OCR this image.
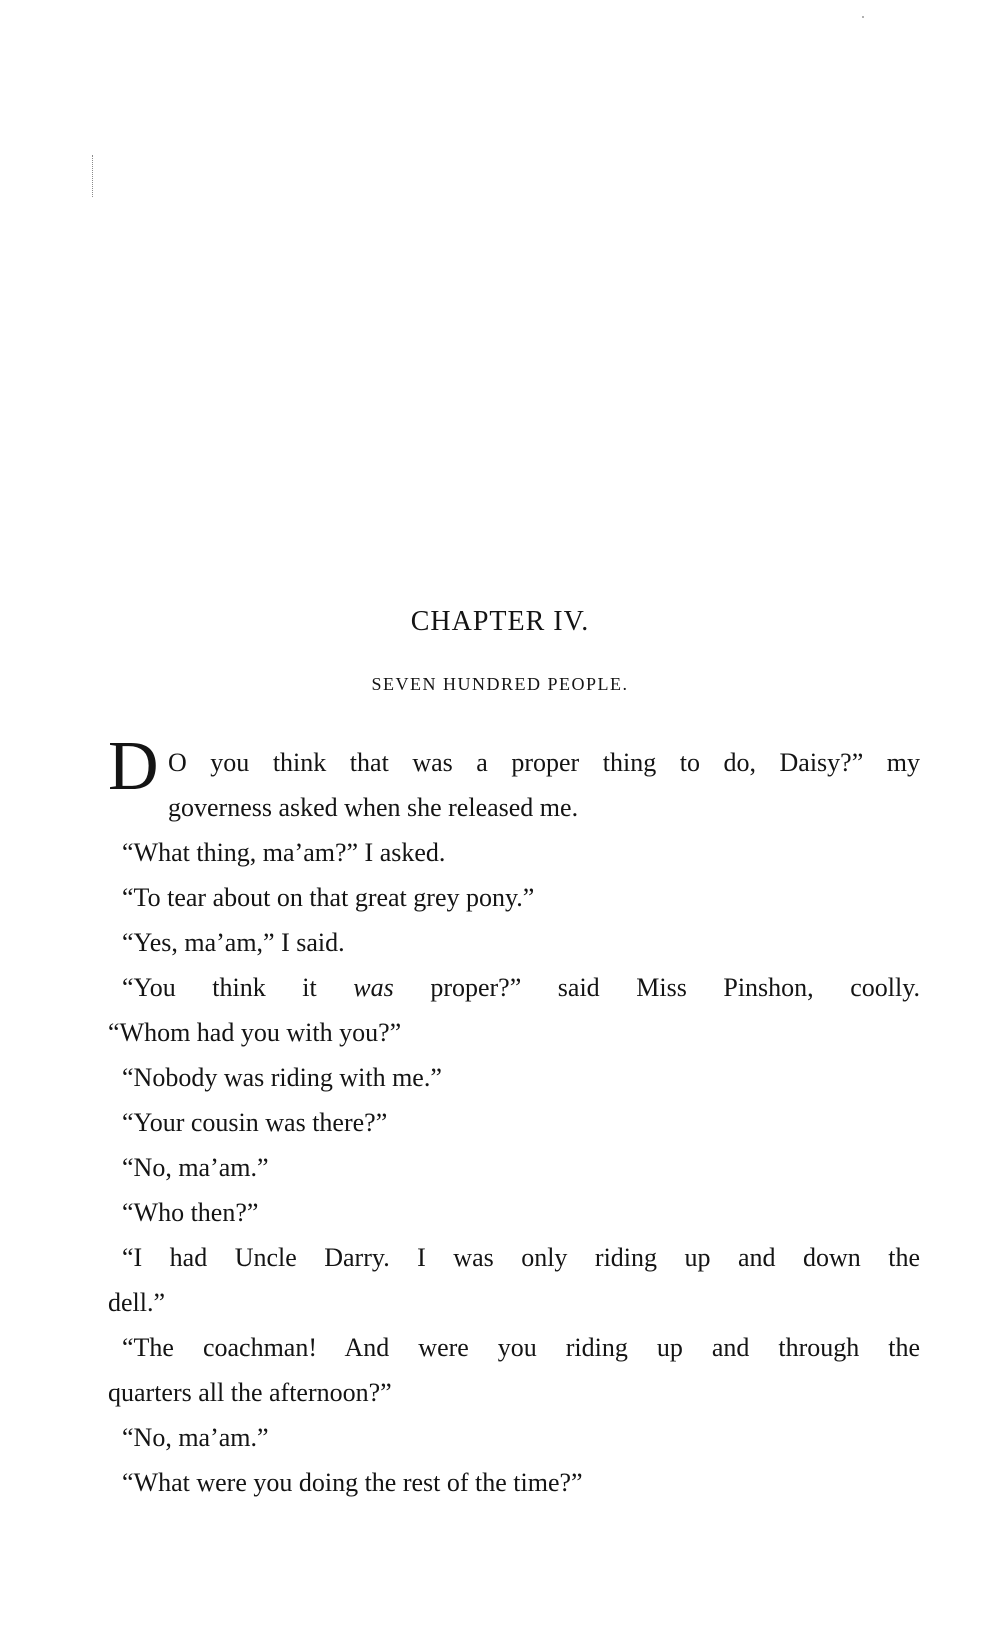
CHAPTER IV.
SEVEN HUNDRED PEOPLE.
D O you think that was a proper thing to do, Daisy?” my
governess asked when she released me.
“What thing, ma’am?” I asked.
“To tear about on that great grey pony.”
“Yes, ma’am,” I said.
“You think it was proper?” said Miss Pinshon, coolly.
“Whom had you with you?”
“Nobody was riding with me.”
“Your cousin was there?”
“No, ma’am.”
“Who then?”
“I had Uncle Darry. I was only riding up and down the
dell.”
“The coachman! And were you riding up and through the
quarters all the afternoon?”
“No, ma’am.”
“What were you doing the rest of the time?”
